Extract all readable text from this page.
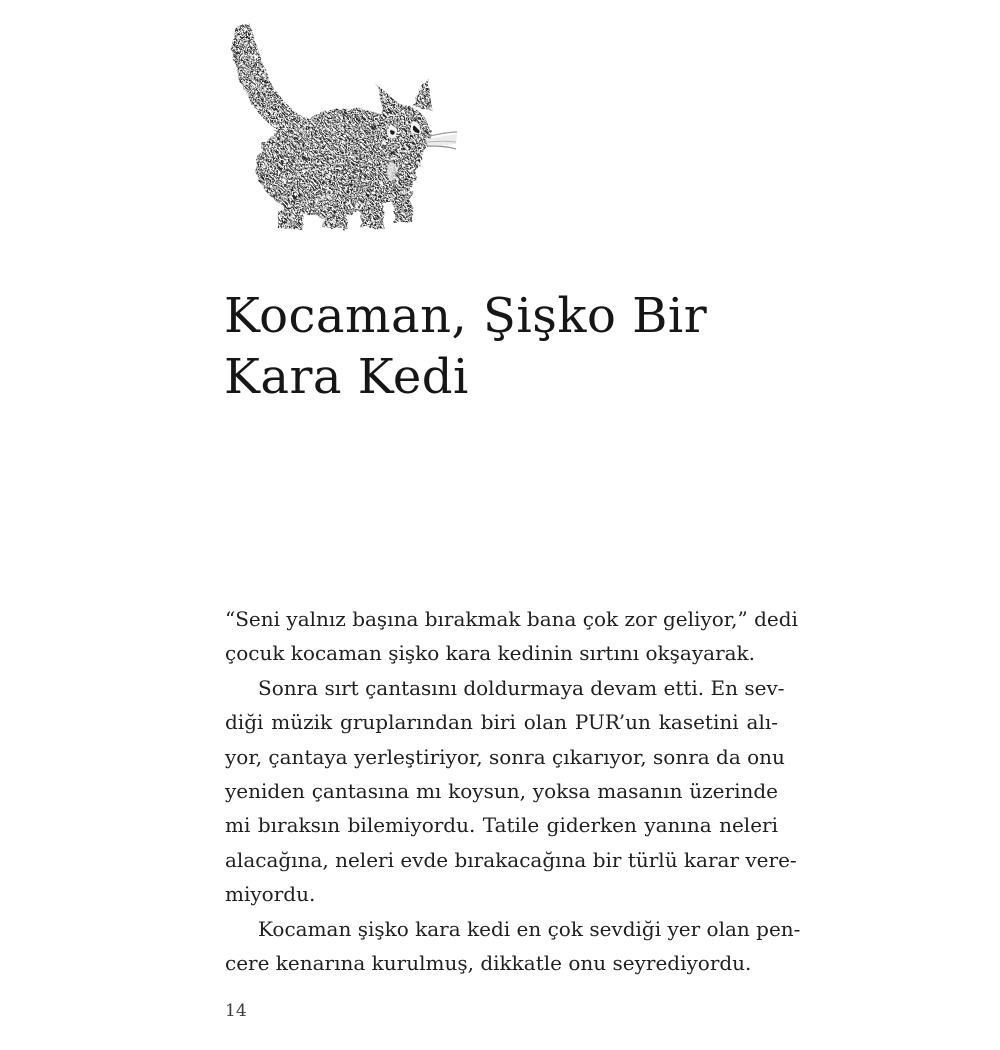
Kocaman, Şişko Bir
Kara Kedi
“Seni yalnız başına bırakmak bana çok zor geliyor,” dedi
çocuk kocaman şişko kara kedinin sırtını okşayarak.
Sonra sırt çantasını doldurmaya devam etti. En sev-
diği müzik gruplarından biri olan PUR’un kasetini alı-
yor, çantaya yerleştiriyor, sonra çıkarıyor, sonra da onu
yeniden çantasına mı koysun, yoksa masanın üzerinde
mi bıraksın bilemiyordu. Tatile giderken yanına neleri
alacağına, neleri evde bırakacağına bir türlü karar vere-
miyordu.
Kocaman şişko kara kedi en çok sevdiği yer olan pen-
cere kenarına kurulmuş, dikkatle onu seyrediyordu.
14
